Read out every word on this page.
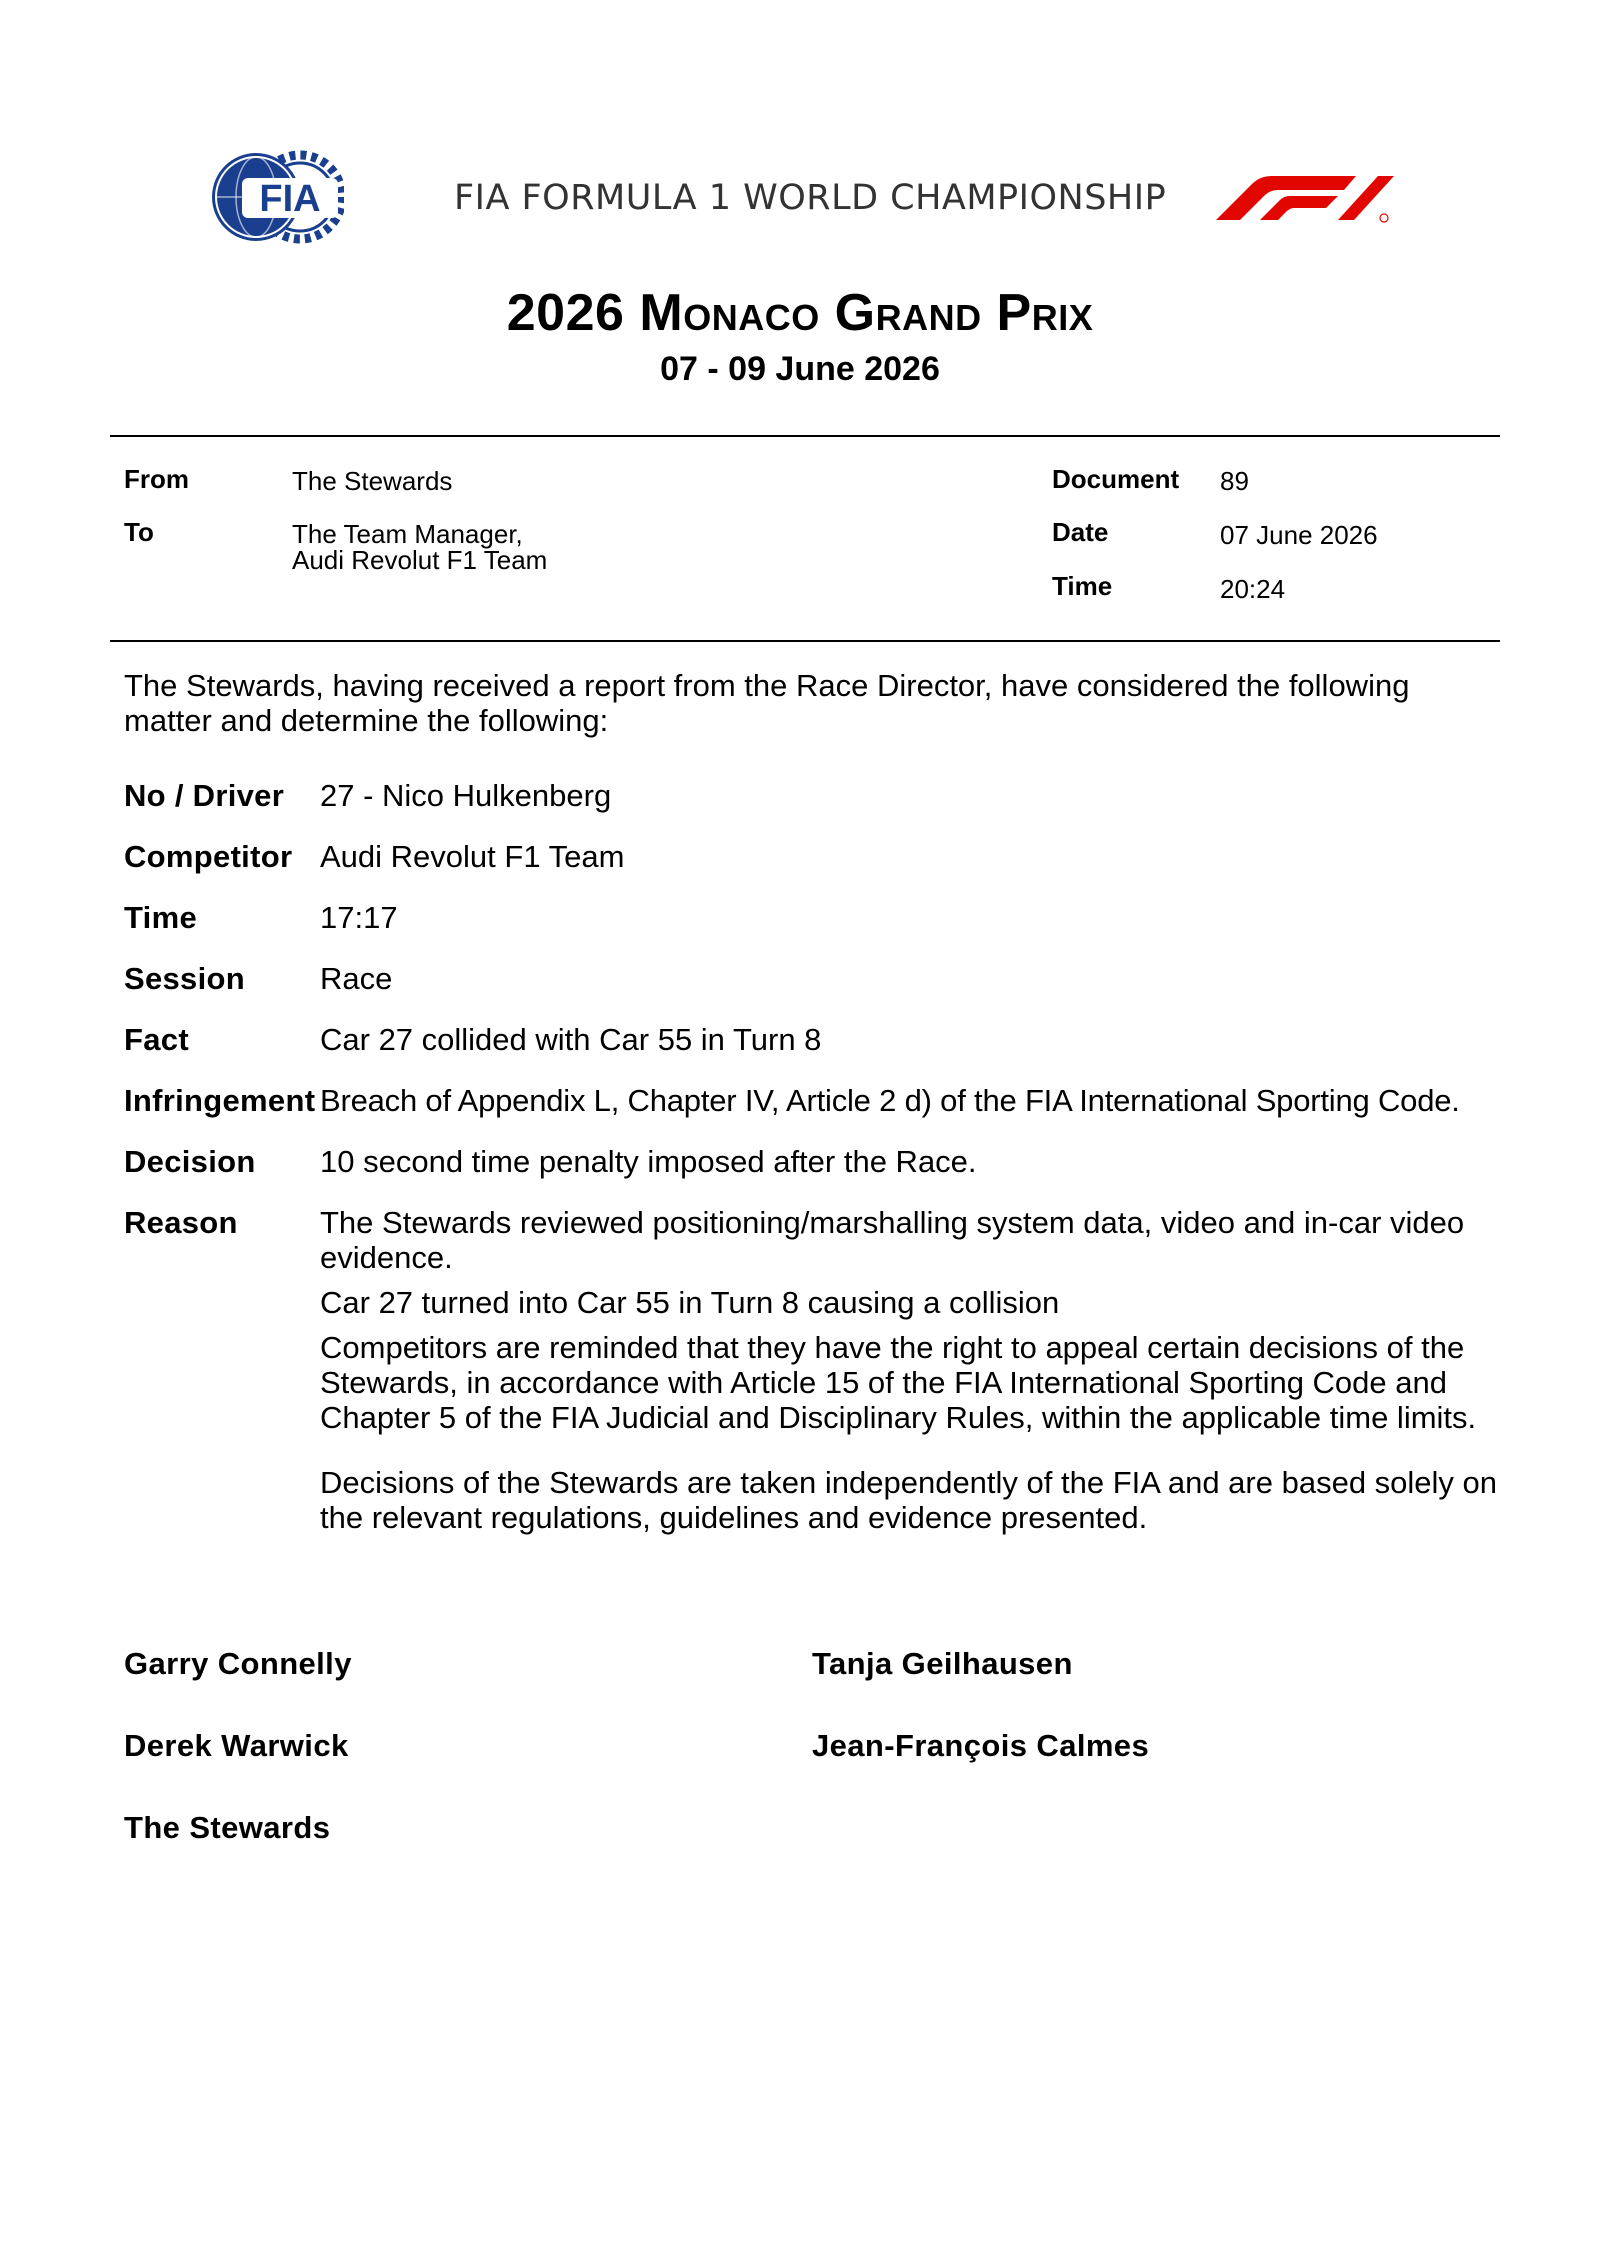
FIA	FIA FORMULA 1 WORLD CHAMPIONSHIP
2026 Monaco Grand Prix
07 - 09 June 2026
From	The Stewards
To	The Team Manager,
Audi Revolut F1 Team
Document 89
Date	07 June 2026
Time	20:24
The Stewards, having received a report from the Race Director, have considered the following matter and determine the following:
No / Driver 27 - Nico Hulkenberg
Competitor Audi Revolut F1 Team
Time	17:17
Session Race
Fact	Car 27 collided with Car 55 in Turn 8
Infringement Breach of Appendix L, Chapter IV, Article 2 d) of the FIA International Sporting Code.
Decision 10 second time penalty imposed after the Race.
Reason	The Stewards reviewed positioning/marshalling system data, video and in-car video evidence.

Car 27 turned into Car 55 in Turn 8 causing a collision

Competitors are reminded that they have the right to appeal certain decisions of the Stewards, in accordance with Article 15 of the FIA International Sporting Code and Chapter 5 of the FIA Judicial and Disciplinary Rules, within the applicable time limits.

Decisions of the Stewards are taken independently of the FIA and are based solely on the relevant regulations, guidelines and evidence presented.

Garry Connelly	Tanja Geilhausen
Derek Warwick	Jean-François Calmes
The Stewards
